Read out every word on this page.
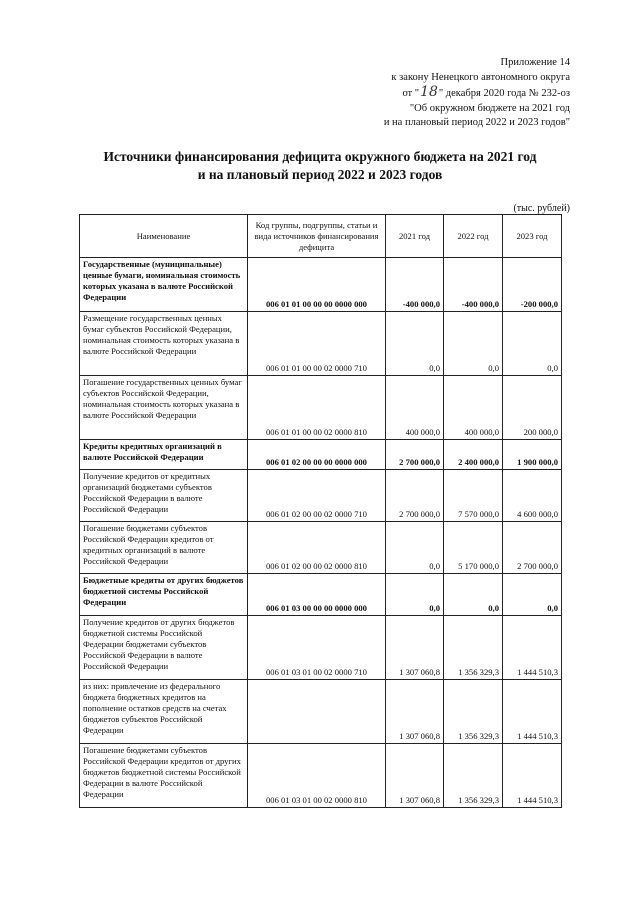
Приложение 14
к закону Ненецкого автономного округа
от "18" декабря 2020 года № 232-оз
"Об окружном бюджете на 2021 год
и на плановый период 2022 и 2023 годов"
Источники финансирования дефицита окружного бюджета на 2021 год
и на плановый период 2022 и 2023 годов
(тыс. рублей)
Наименование	Код группы, подгруппы, статьи и вида источников финансирования дефицита	2021 год	2022 год	2023 год
Государственные (муниципальные) ценные бумаги, номинальная стоимость которых указана в валюте Российской Федерации	006 01 01 00 00 00 0000 000	-400 000,0	-400 000,0	-200 000,0
Размещение государственных ценных бумаг субъектов Российской Федерации, номинальная стоимость которых указана в валюте Российской Федерации	006 01 01 00 00 02 0000 710	0,0	0,0	0,0
Погашение государственных ценных бумаг субъектов Российской Федерации, номинальная стоимость которых указана в валюте Российской Федерации	006 01 01 00 00 02 0000 810	400 000,0	400 000,0	200 000,0
Кредиты кредитных организаций в валюте Российской Федерации	006 01 02 00 00 00 0000 000	2 700 000,0	2 400 000,0	1 900 000,0
Получение кредитов от кредитных организаций бюджетами субъектов Российской Федерации в валюте Российской Федерации	006 01 02 00 00 02 0000 710	2 700 000,0	7 570 000,0	4 600 000,0
Погашение бюджетами субъектов Российской Федерации кредитов от кредитных организаций в валюте Российской Федерации	006 01 02 00 00 02 0000 810	0,0	5 170 000,0	2 700 000,0
Бюджетные кредиты от других бюджетов бюджетной системы Российской Федерации	006 01 03 00 00 00 0000 000	0,0	0,0	0,0
Получение кредитов от других бюджетов бюджетной системы Российской Федерации бюджетами субъектов Российской Федерации в валюте Российской Федерации	006 01 03 01 00 02 0000 710	1 307 060,8	1 356 329,3	1 444 510,3
из них: привлечение из федерального бюджета бюджетных кредитов на пополнение остатков средств на счетах бюджетов субъектов Российской Федерации		1 307 060,8	1 356 329,3	1 444 510,3
Погашение бюджетами субъектов Российской Федерации кредитов от других бюджетов бюджетной системы Российской Федерации в валюте Российской Федерации	006 01 03 01 00 02 0000 810	1 307 060,8	1 356 329,3	1 444 510,3
